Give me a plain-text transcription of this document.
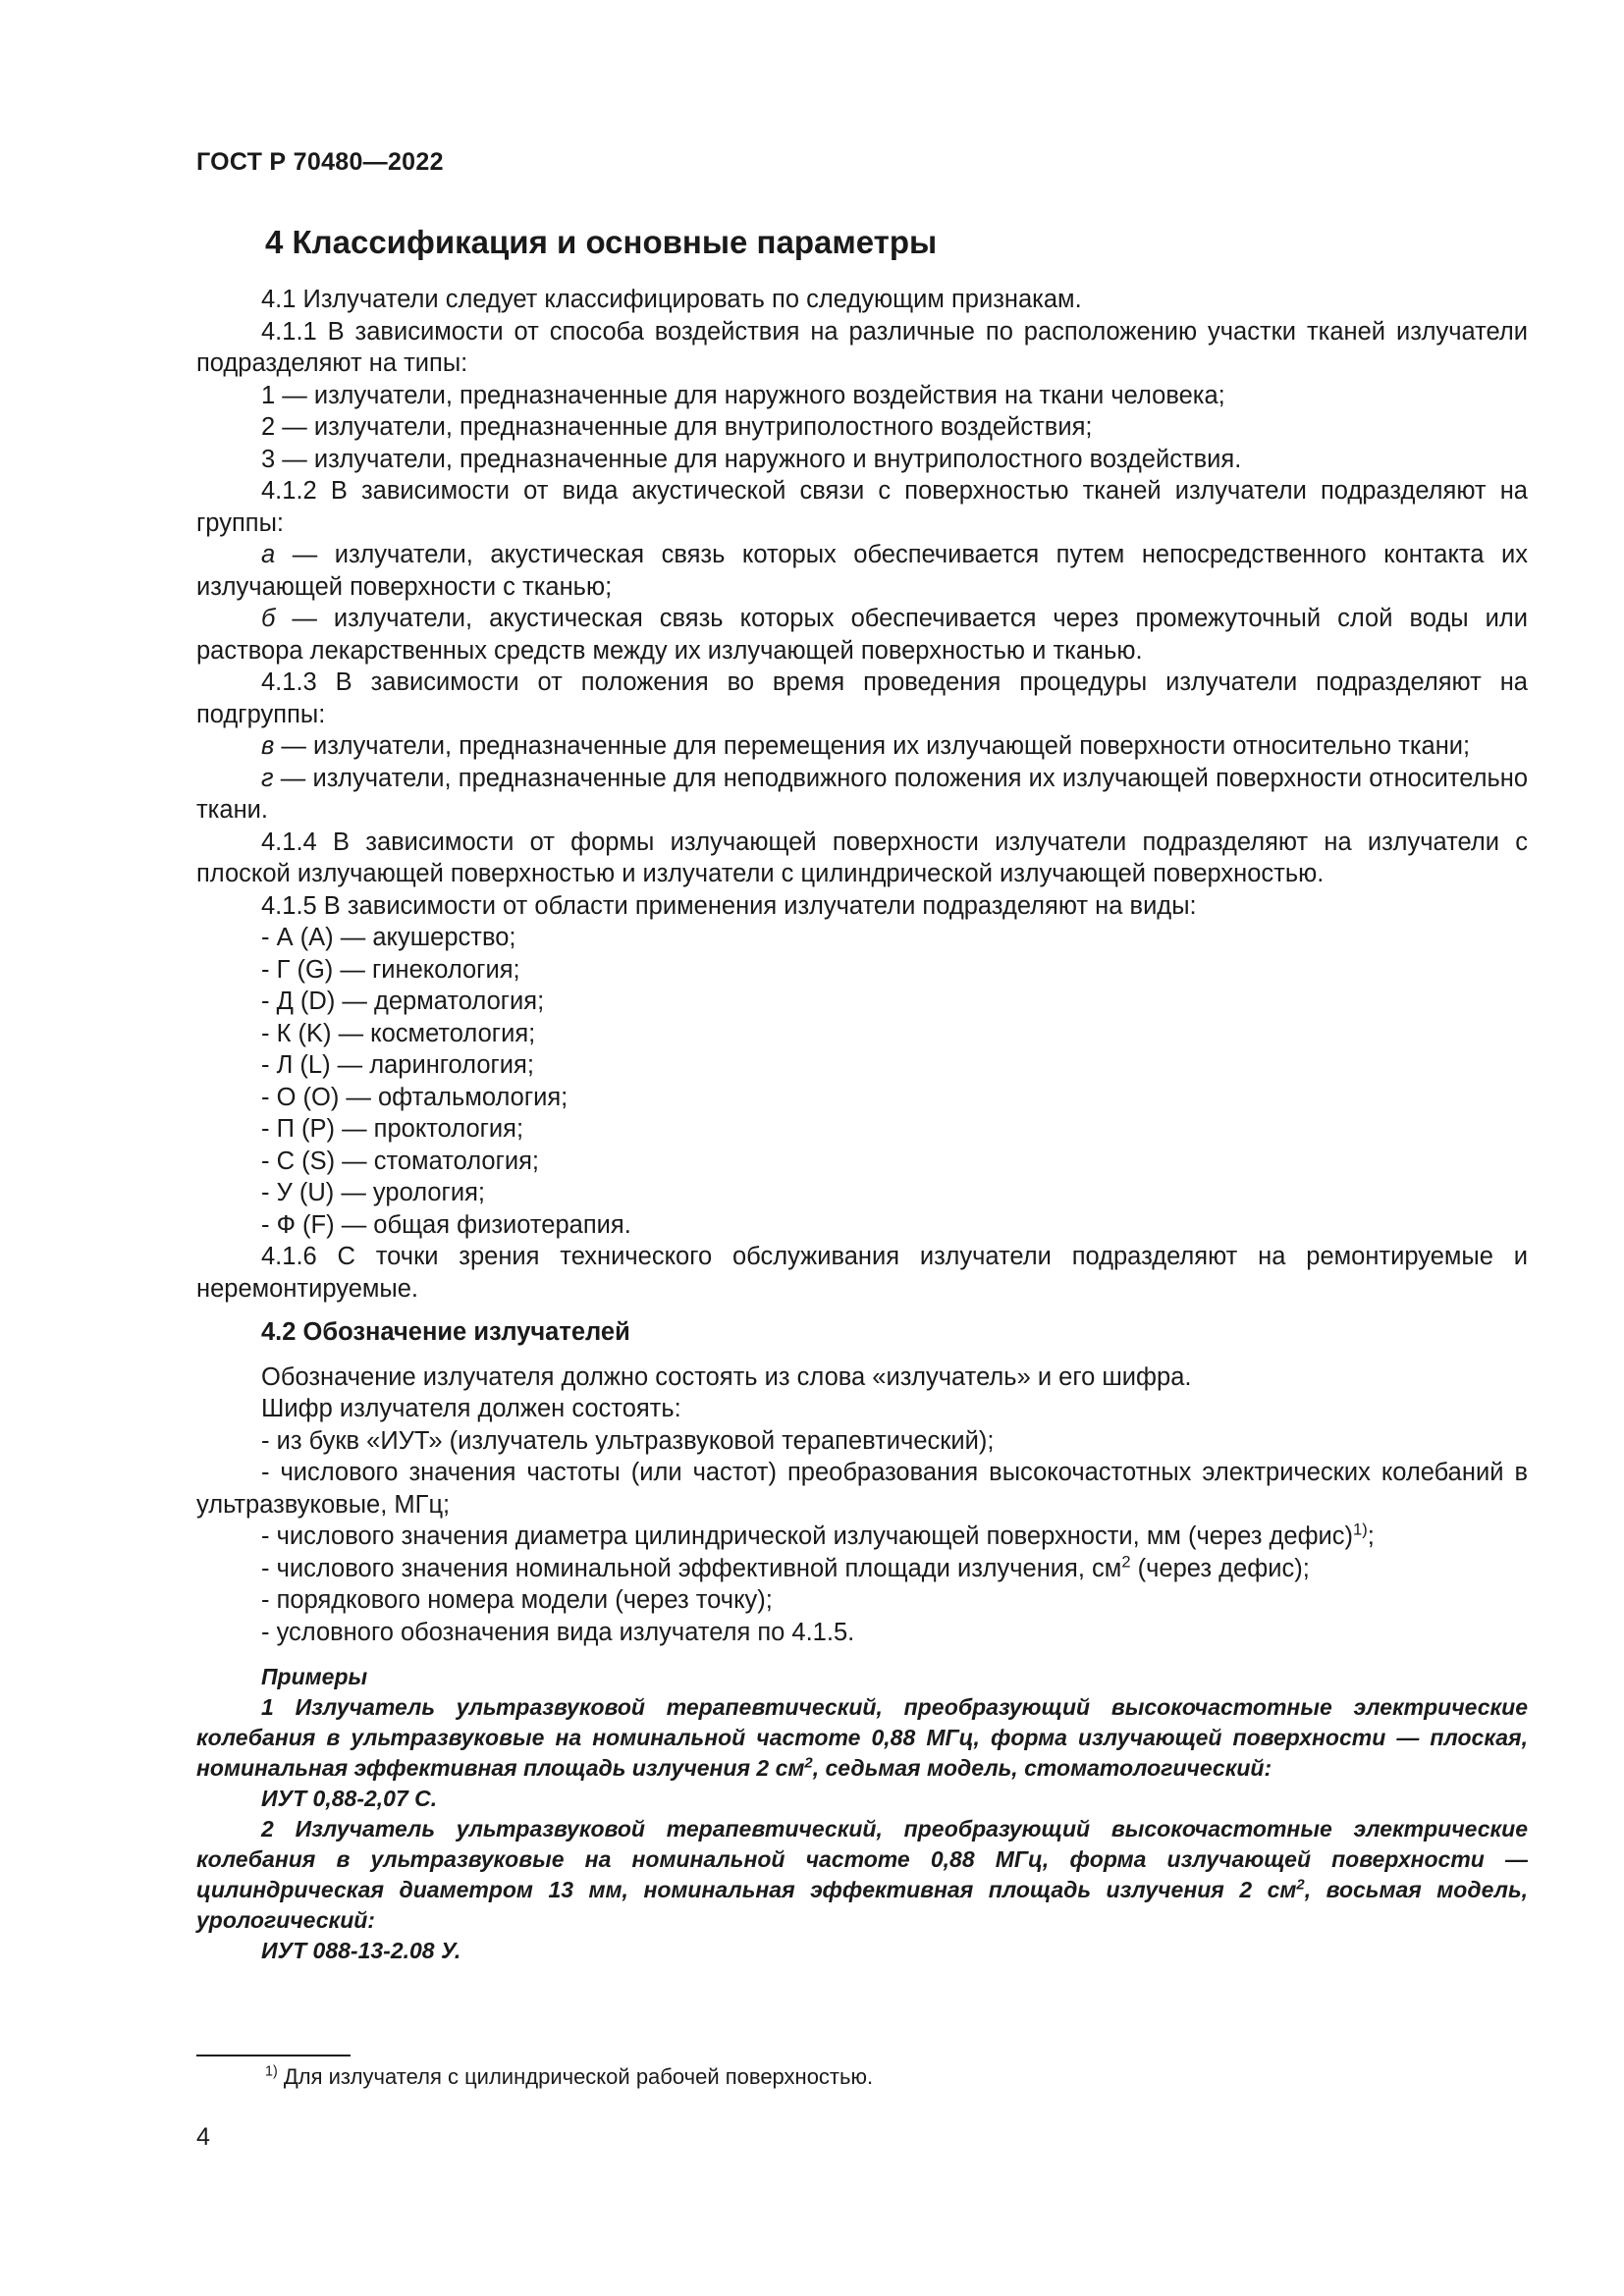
ГОСТ Р 70480—2022
4 Классификация и основные параметры

4.1 Излучатели следует классифицировать по следующим признакам.

4.1.1 В зависимости от способа воздействия на различные по расположению участки тканей излучатели подразделяют на типы:

1 — излучатели, предназначенные для наружного воздействия на ткани человека;

2 — излучатели, предназначенные для внутриполостного воздействия;

3 — излучатели, предназначенные для наружного и внутриполостного воздействия.

4.1.2 В зависимости от вида акустической связи с поверхностью тканей излучатели подразделяют на группы:

а — излучатели, акустическая связь которых обеспечивается путем непосредственного контакта их излучающей поверхности с тканью;

б — излучатели, акустическая связь которых обеспечивается через промежуточный слой воды или раствора лекарственных средств между их излучающей поверхностью и тканью.

4.1.3 В зависимости от положения во время проведения процедуры излучатели подразделяют на подгруппы:

в — излучатели, предназначенные для перемещения их излучающей поверхности относительно ткани;

г — излучатели, предназначенные для неподвижного положения их излучающей поверхности относительно ткани.

4.1.4 В зависимости от формы излучающей поверхности излучатели подразделяют на излучатели с плоской излучающей поверхностью и излучатели с цилиндрической излучающей поверхностью.

4.1.5 В зависимости от области применения излучатели подразделяют на виды:

- А (А) — акушерство;

- Г (G) — гинекология;

- Д (D) — дерматология;

- К (K) — косметология;

- Л (L) — ларингология;

- О (О) — офтальмология;

- П (Р) — проктология;

- С (S) — стоматология;

- У (U) — урология;

- Ф (F) — общая физиотерапия.

4.1.6 С точки зрения технического обслуживания излучатели подразделяют на ремонтируемые и неремонтируемые.

4.2 Обозначение излучателей

Обозначение излучателя должно состоять из слова «излучатель» и его шифра.

Шифр излучателя должен состоять:

- из букв «ИУТ» (излучатель ультразвуковой терапевтический);

- числового значения частоты (или частот) преобразования высокочастотных электрических колебаний в ультразвуковые, МГц;

- числового значения диаметра цилиндрической излучающей поверхности, мм (через дефис)$^{1)}$;

- числового значения номинальной эффективной площади излучения, $см^2$ (через дефис);

- порядкового номера модели (через точку);

- условного обозначения вида излучателя по 4.1.5.

Примеры

1 Излучатель ультразвуковой терапевтический, преобразующий высокочастотные электрические колебания в ультразвуковые на номинальной частоте 0,88 МГц, форма излучающей поверхности — плоская, номинальная эффективная площадь излучения 2 $см^2$, седьмая модель, стоматологический:

ИУТ 0,88-2,07 С.

2 Излучатель ультразвуковой терапевтический, преобразующий высокочастотные электрические колебания в ультразвуковые на номинальной частоте 0,88 МГц, форма излучающей поверхности — цилиндрическая диаметром 13 мм, номинальная эффективная площадь излучения 2 $см^2$, восьмая модель, урологический:

ИУТ 088-13-2.08 У.

$^{1)}$ Для излучателя с цилиндрической рабочей поверхностью.
4
